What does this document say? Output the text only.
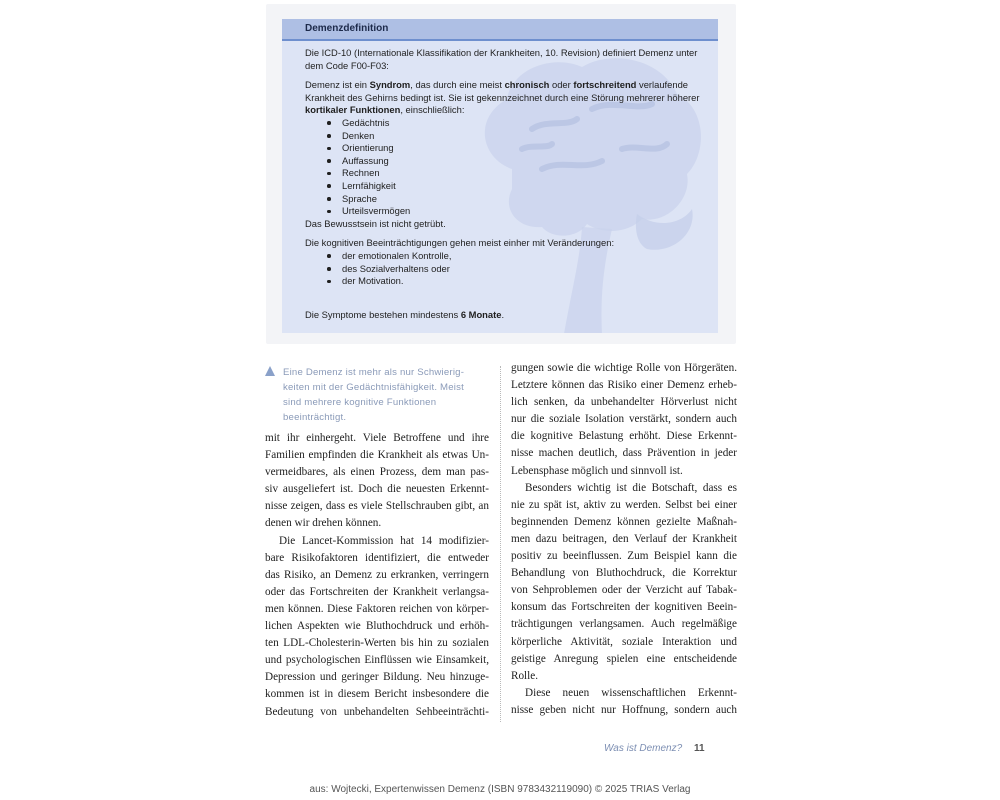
Demenzdefinition

Die ICD-10 (Internationale Klassifikation der Krankheiten, 10. Revision) definiert Demenz unter dem Code F00-F03:

Demenz ist ein Syndrom, das durch eine meist chronisch oder fortschreitend verlaufende Krankheit des Gehirns bedingt ist. Sie ist gekennzeichnet durch eine Störung mehrerer höherer kortikaler Funktionen, einschließlich:

Gedächtnis
Denken
Orientierung
Auffassung
Rechnen
Lernfähigkeit
Sprache
Urteilsvermögen

Das Bewusstsein ist nicht getrübt.

Die kognitiven Beeinträchtigungen gehen meist einher mit Veränderungen:

der emotionalen Kontrolle,
des Sozialverhaltens oder
der Motivation.

Die Symptome bestehen mindestens 6 Monate.

Eine Demenz ist mehr als nur Schwierig-
keiten mit der Gedächtnisfähigkeit. Meist
sind mehrere kognitive Funktionen
beeinträchtigt.

mit ihr einhergeht. Viele Betroffene und ihre
Familien empfinden die Krankheit als etwas Un-
vermeidbares, als einen Prozess, dem man pas-
siv ausgeliefert ist. Doch die neuesten Erkennt-
nisse zeigen, dass es viele Stellschrauben gibt, an
denen wir drehen können.

Die Lancet-Kommission hat 14 modifizier-
bare Risikofaktoren identifiziert, die entweder
das Risiko, an Demenz zu erkranken, verringern
oder das Fortschreiten der Krankheit verlangsa-
men können. Diese Faktoren reichen von körper-
lichen Aspekten wie Bluthochdruck und erhöh-
ten LDL-Cholesterin-Werten bis hin zu sozialen
und psychologischen Einflüssen wie Einsamkeit,
Depression und geringer Bildung. Neu hinzuge-
kommen ist in diesem Bericht insbesondere die
Bedeutung von unbehandelten Sehbeeinträchti-

gungen sowie die wichtige Rolle von Hörgeräten.
Letztere können das Risiko einer Demenz erheb-
lich senken, da unbehandelter Hörverlust nicht
nur die soziale Isolation verstärkt, sondern auch
die kognitive Belastung erhöht. Diese Erkennt-
nisse machen deutlich, dass Prävention in jeder
Lebensphase möglich und sinnvoll ist.

Besonders wichtig ist die Botschaft, dass es
nie zu spät ist, aktiv zu werden. Selbst bei einer
beginnenden Demenz können gezielte Maßnah-
men dazu beitragen, den Verlauf der Krankheit
positiv zu beeinflussen. Zum Beispiel kann die
Behandlung von Bluthochdruck, die Korrektur
von Sehproblemen oder der Verzicht auf Tabak-
konsum das Fortschreiten der kognitiven Beein-
trächtigungen verlangsamen. Auch regelmäßige
körperliche Aktivität, soziale Interaktion und
geistige Anregung spielen eine entscheidende
Rolle.

Diese neuen wissenschaftlichen Erkennt-
nisse geben nicht nur Hoffnung, sondern auch

Was ist Demenz? 11
aus: Wojtecki, Expertenwissen Demenz (ISBN 9783432119090) © 2025 TRIAS Verlag
